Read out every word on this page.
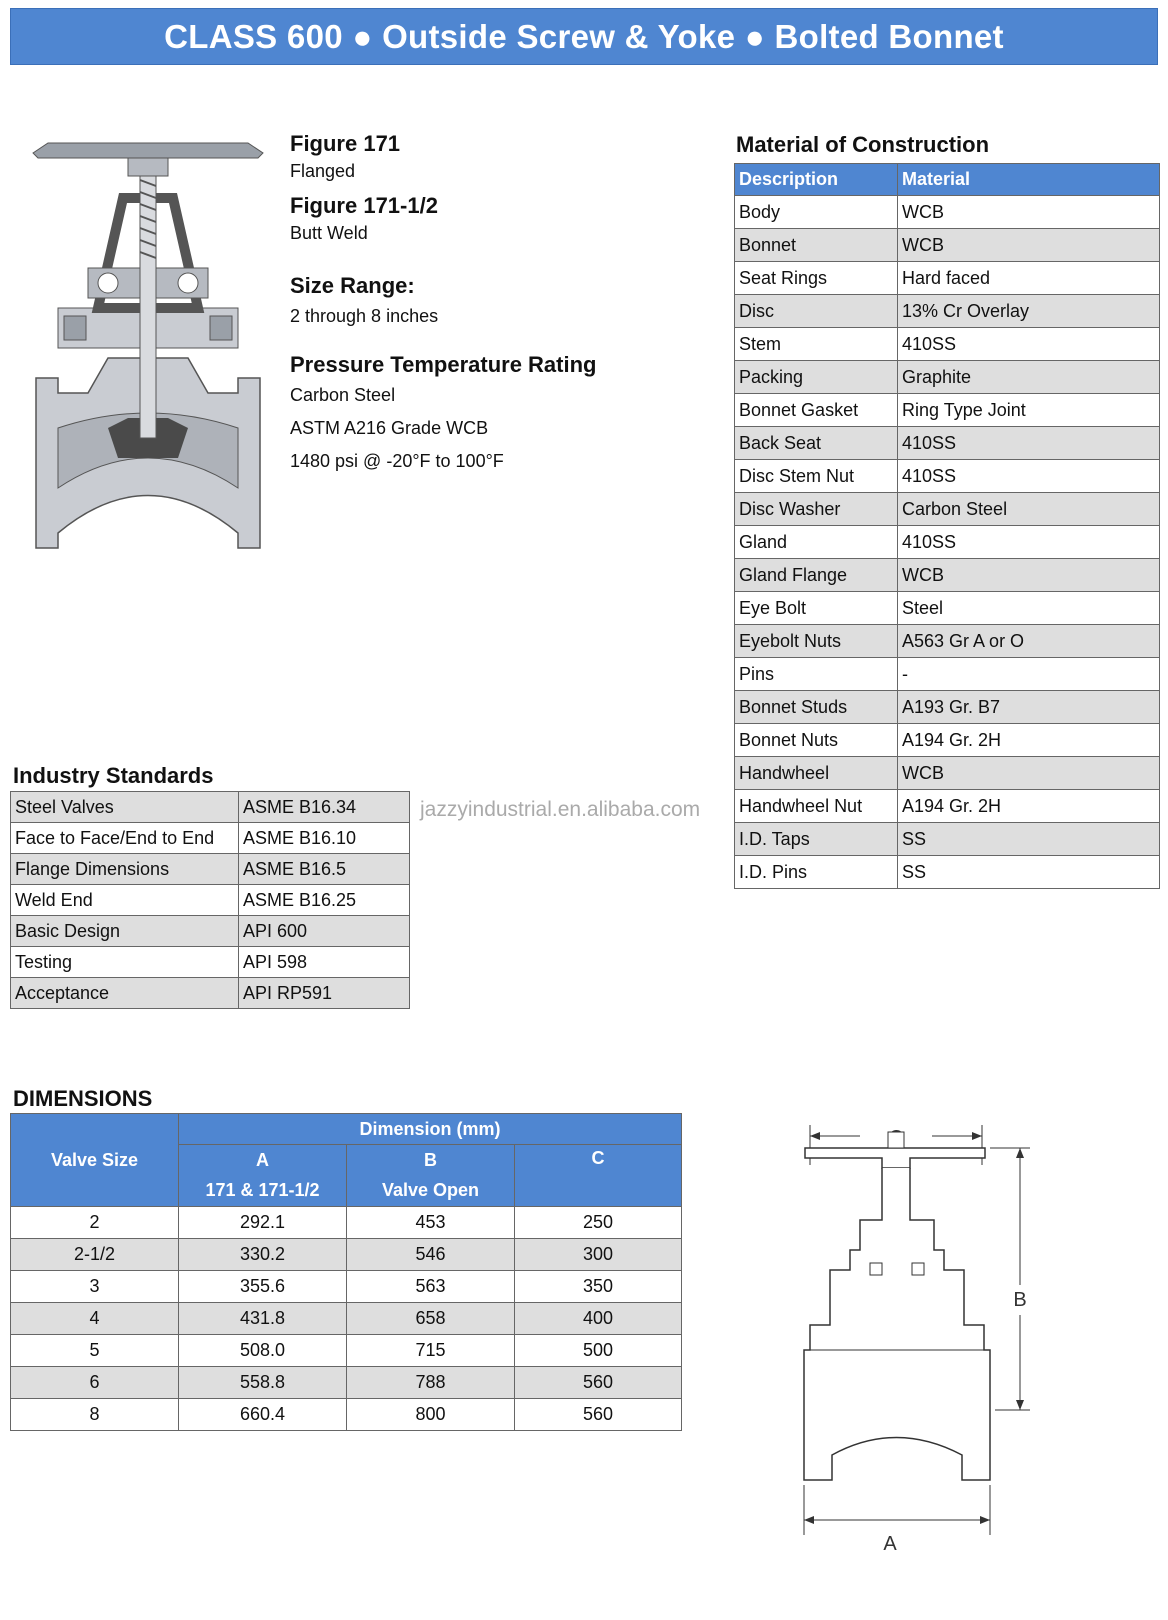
CLASS 600 ● Outside Screw & Yoke ● Bolted Bonnet

Figure 171

Flanged

Figure 171-1/2

Butt Weld

Size Range:

2 through 8 inches

Pressure Temperature Rating

Carbon Steel

ASTM A216 Grade WCB

1480 psi @ -20°F to 100°F

Material of Construction
Description	Material
Body	WCB
Bonnet	WCB
Seat Rings	Hard faced
Disc	13% Cr Overlay
Stem	410SS
Packing	Graphite
Bonnet Gasket	Ring Type Joint
Back Seat	410SS
Disc Stem Nut	410SS
Disc Washer	Carbon Steel
Gland	410SS
Gland Flange	WCB
Eye Bolt	Steel
Eyebolt Nuts	A563 Gr A or O
Pins	-
Bonnet Studs	A193 Gr. B7
Bonnet Nuts	A194 Gr. 2H
Handwheel	WCB
Handwheel Nut	A194 Gr. 2H
I.D. Taps	SS
I.D. Pins	SS
Industry Standards
Steel Valves	ASME B16.34
Face to Face/End to End	ASME B16.10
Flange Dimensions	ASME B16.5
Weld End	ASME B16.25
Basic Design	API 600
Testing	API 598
Acceptance	API RP591
jazzyindustrial.en.alibaba.com
DIMENSIONS
Valve Size	Dimension (mm)		
	A	B	C
	171 & 171-1/2	Valve Open	
2	292.1	453	250
2-1/2	330.2	546	300
3	355.6	563	350
4	431.8	658	400
5	508.0	715	500
6	558.8	788	560
8	660.4	800	560
B
A
